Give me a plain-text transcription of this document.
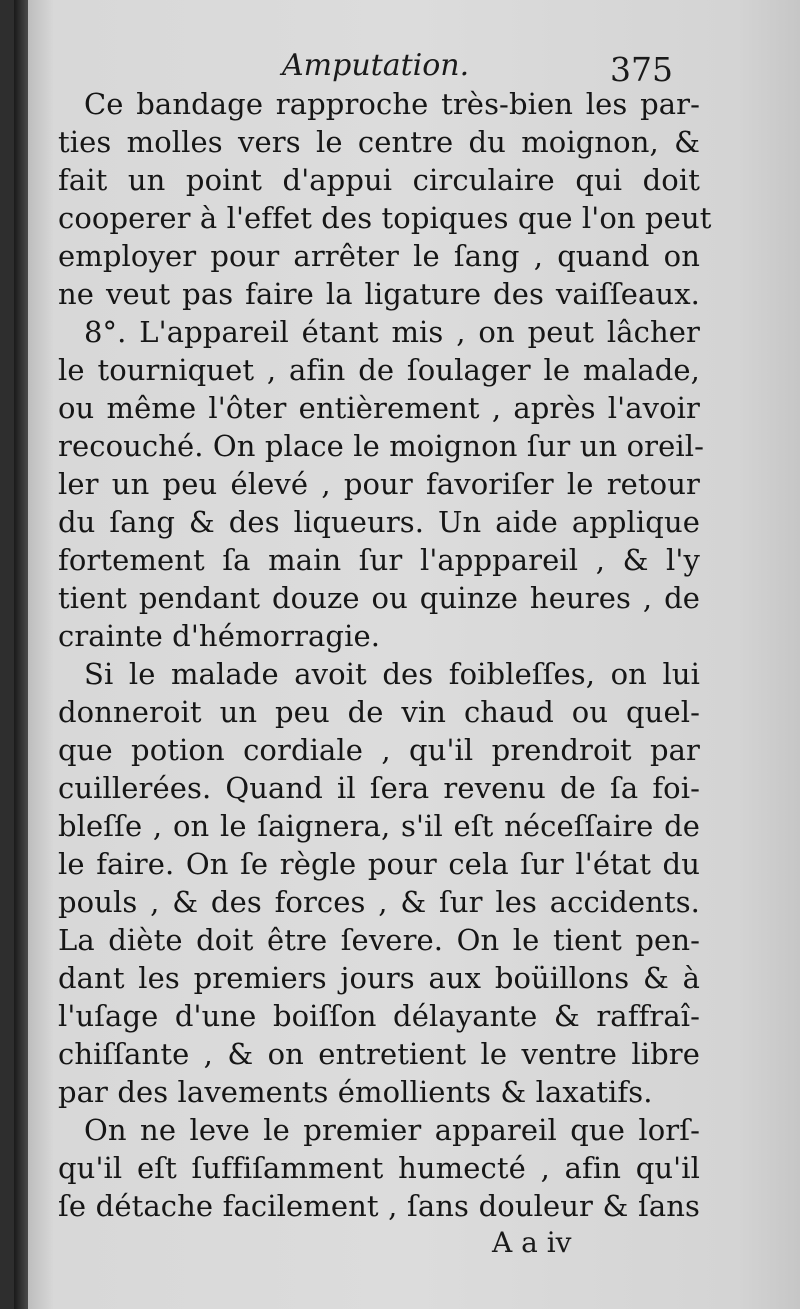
Amputation.	375
Ce bandage rapproche très-bien les par-
ties molles vers le centre du moignon, &
fait un point d'appui circulaire qui doit
cooperer à l'effet des topiques que l'on peut
employer pour arrêter le ſang , quand on
ne veut pas faire la ligature des vaiſſeaux.
8°. L'appareil étant mis , on peut lâcher
le tourniquet , afin de ſoulager le malade,
ou même l'ôter entièrement , après l'avoir
recouché. On place le moignon ſur un oreil-
ler un peu élevé , pour favoriſer le retour
du ſang & des liqueurs. Un aide applique
fortement ſa main ſur l'apppareil , & l'y
tient pendant douze ou quinze heures , de
crainte d'hémorragie.
Si le malade avoit des foibleſſes, on lui
donneroit un peu de vin chaud ou quel-
que potion cordiale , qu'il prendroit par
cuillerées. Quand il ſera revenu de ſa foi-
bleſſe , on le ſaignera, s'il eſt néceſſaire de
le faire. On ſe règle pour cela ſur l'état du
pouls , & des forces , & ſur les accidents.
La diète doit être ſevere. On le tient pen-
dant les premiers jours aux boüillons & à
l'uſage d'une boiſſon délayante & raffraî-
chiſſante , & on entretient le ventre libre
par des lavements émollients & laxatifs.
On ne leve le premier appareil que lorſ-
qu'il eſt ſuffiſamment humecté , afin qu'il
ſe détache facilement , ſans douleur & ſans
A a iv
